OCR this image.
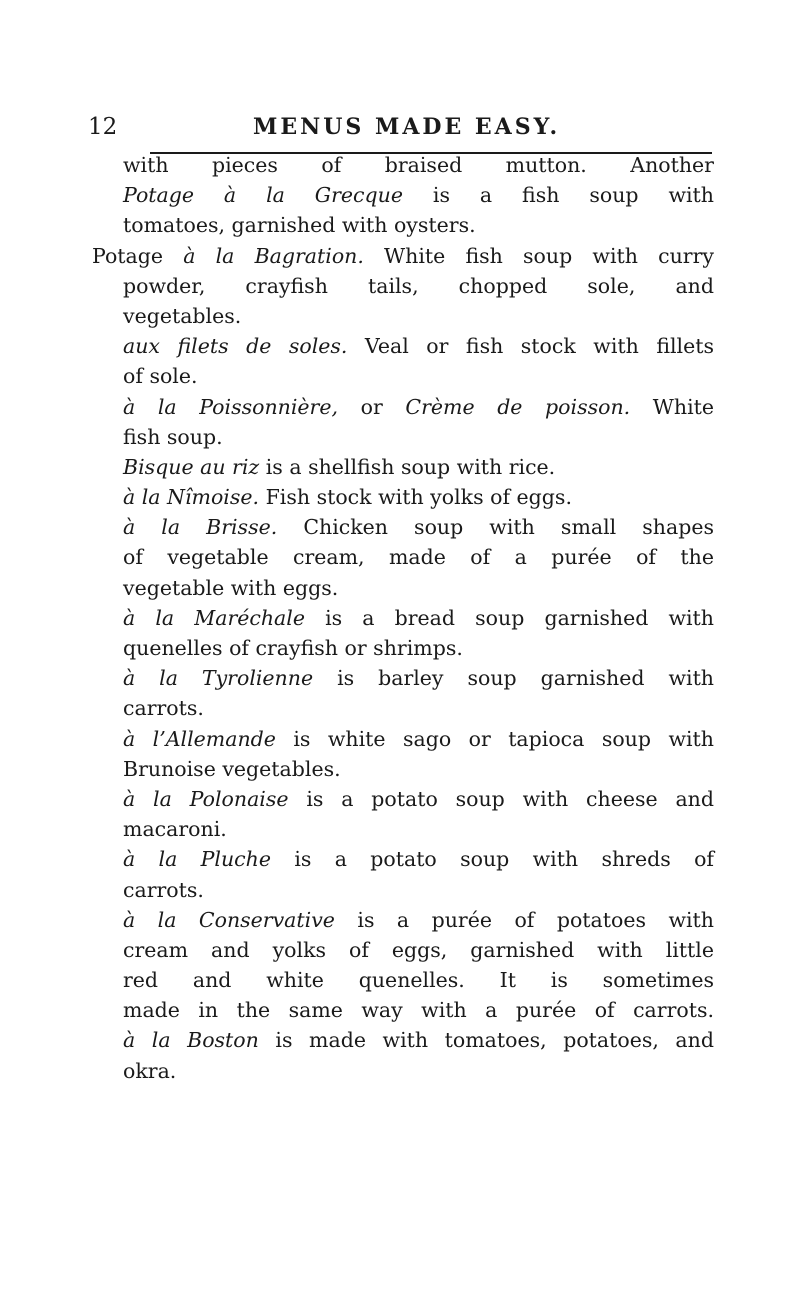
12	MENUS MADE EASY.
with pieces of braised mutton. Another
Potage à la Grecque is a fish soup with
tomatoes, garnished with oysters.
Potage à la Bagration. White fish soup with curry
powder, crayfish tails, chopped sole, and
vegetables.
aux filets de soles. Veal or fish stock with fillets
of sole.
à la Poissonnière, or Crème de poisson. White
fish soup.
Bisque au riz is a shellfish soup with rice.
à la Nîmoise. Fish stock with yolks of eggs.
à la Brisse. Chicken soup with small shapes
of vegetable cream, made of a purée of the
vegetable with eggs.
à la Maréchale is a bread soup garnished with
quenelles of crayfish or shrimps.
à la Tyrolienne is barley soup garnished with
carrots.
à l’Allemande is white sago or tapioca soup with
Brunoise vegetables.
à la Polonaise is a potato soup with cheese and
macaroni.
à la Pluche is a potato soup with shreds of
carrots.
à la Conservative is a purée of potatoes with
cream and yolks of eggs, garnished with little
red and white quenelles. It is sometimes
made in the same way with a purée of carrots.
à la Boston is made with tomatoes, potatoes, and
okra.
